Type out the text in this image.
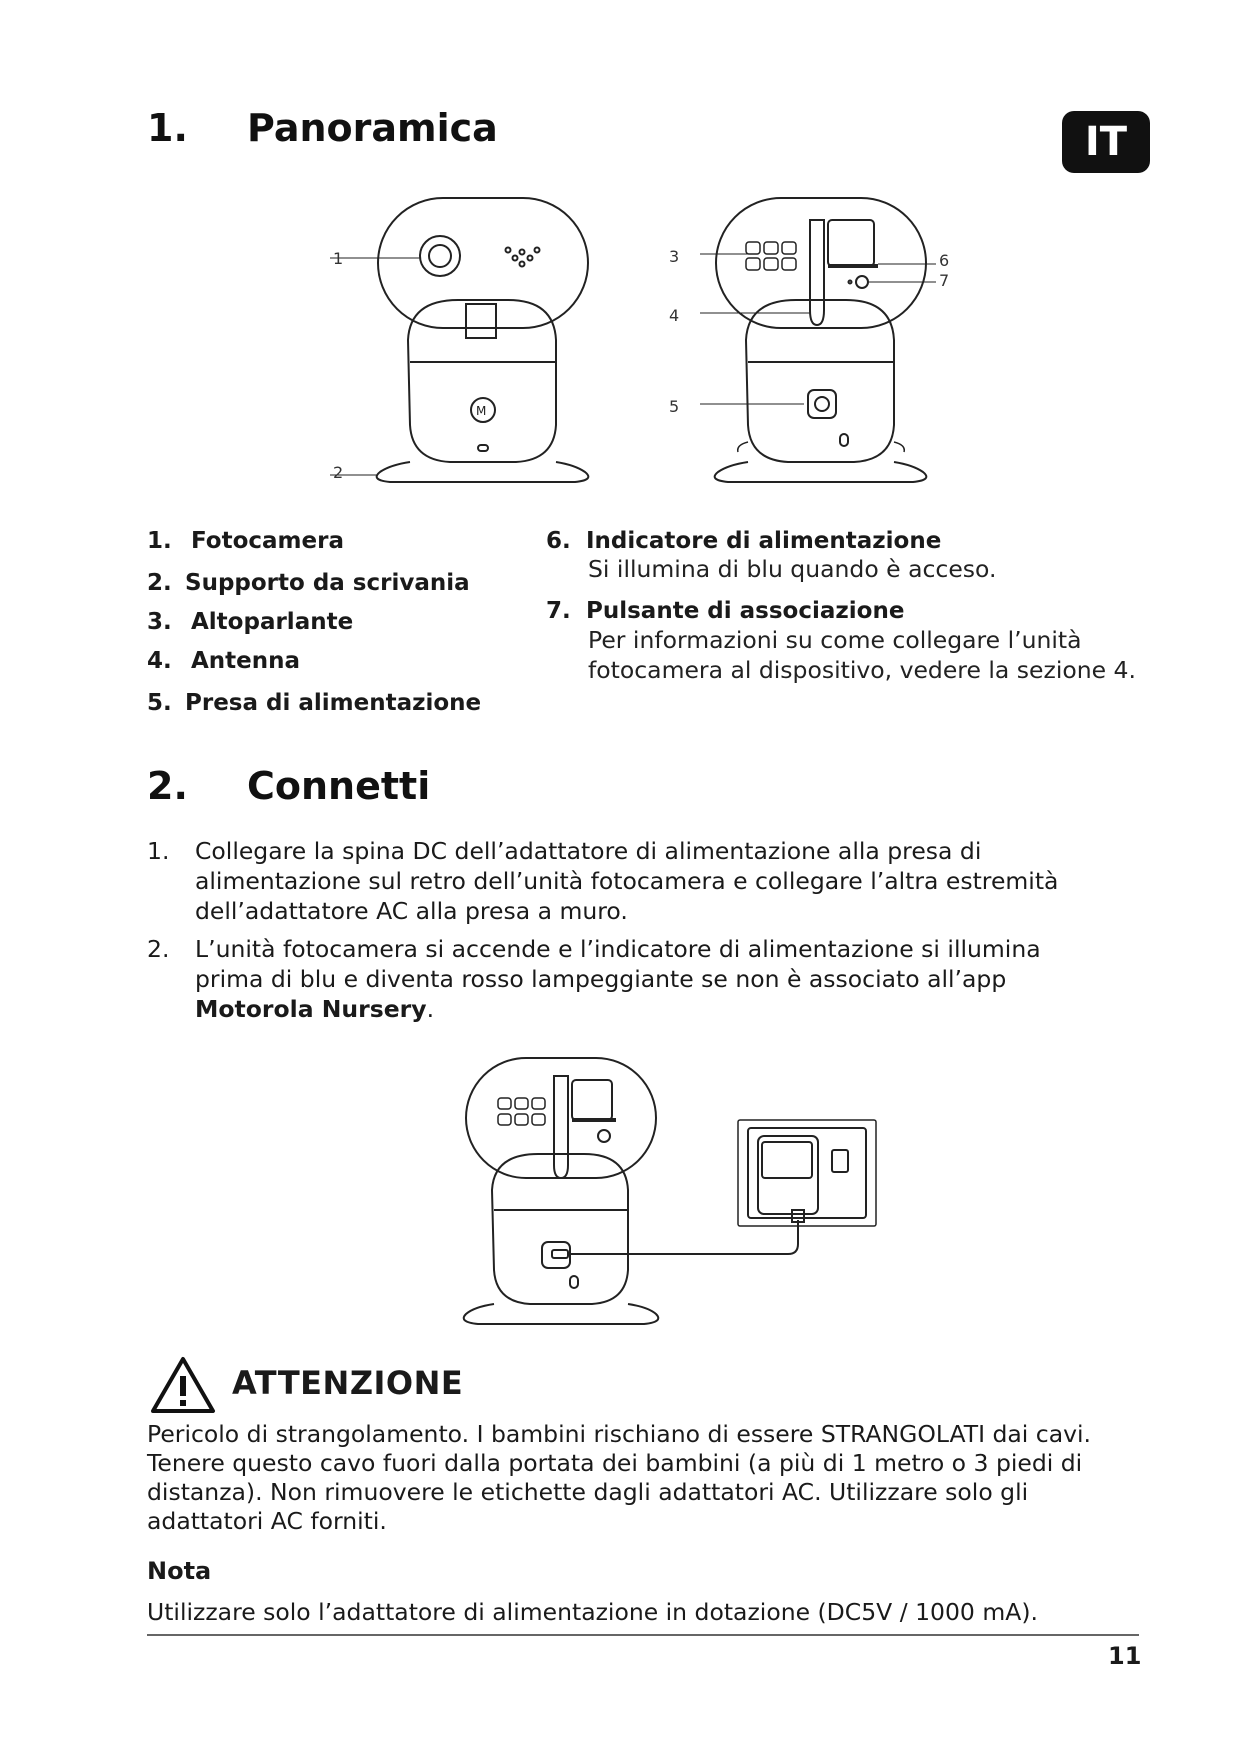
1. Panoramica	IT
M
1
2
3
4
5
6
7
1. Fotocamera
2. Supporto da scrivania
3. Altoparlante
4. Antenna
5. Presa di alimentazione
6. Indicatore di alimentazione
Si illumina di blu quando è acceso.
7. Pulsante di associazione
Per informazioni su come collegare l’unità fotocamera al dispositivo, vedere la sezione 4.
2. Connetti
1. Collegare la spina DC dell’adattatore di alimentazione alla presa di alimentazione sul retro dell’unità fotocamera e collegare l’altra estremità dell’adattatore AC alla presa a muro.
2. L’unità fotocamera si accende e l’indicatore di alimentazione si illumina prima di blu e diventa rosso lampeggiante se non è associato all’app Motorola Nursery.
ATTENZIONE
Pericolo di strangolamento. I bambini rischiano di essere STRANGOLATI dai cavi. Tenere questo cavo fuori dalla portata dei bambini (a più di 1 metro o 3 piedi di distanza). Non rimuovere le etichette dagli adattatori AC. Utilizzare solo gli adattatori AC forniti.
Nota
Utilizzare solo l’adattatore di alimentazione in dotazione (DC5V / 1000 mA).
11
